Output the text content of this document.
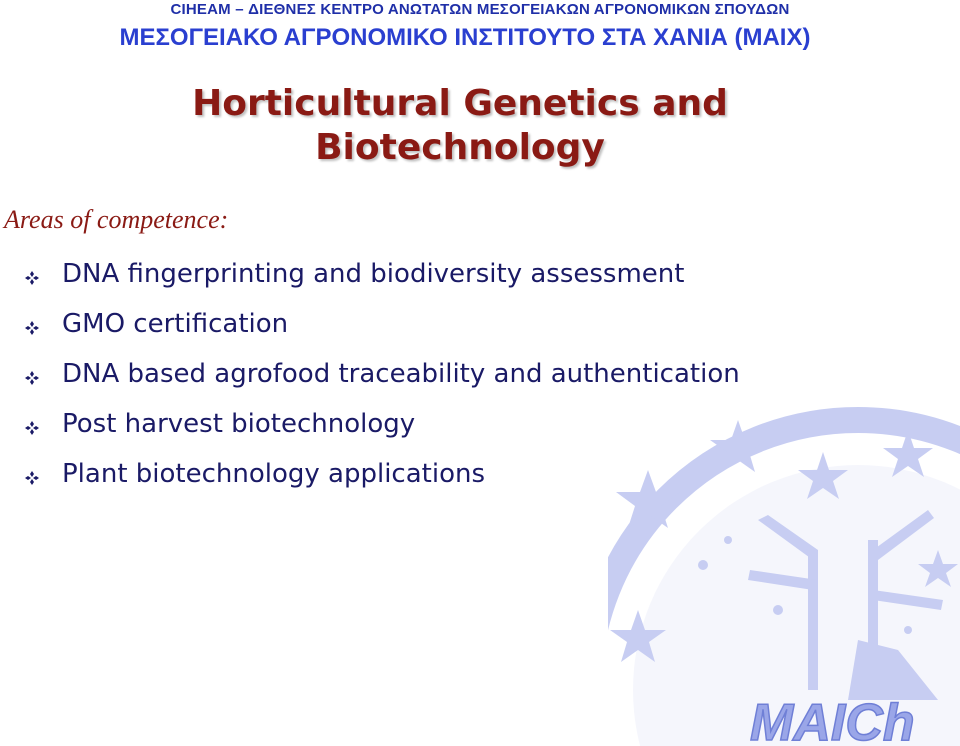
CIHEAM – ΔΙΕΘΝΕΣ ΚΕΝΤΡΟ ΑΝΩΤΑΤΩΝ ΜΕΣΟΓΕΙΑΚΩΝ ΑΓΡΟΝΟΜΙΚΩΝ ΣΠΟΥΔΩΝ
ΜΕΣΟΓΕΙΑΚΟ ΑΓΡΟΝΟΜΙΚΟ ΙΝΣΤΙΤΟΥΤΟ ΣΤΑ ΧΑΝΙΑ (ΜΑΙΧ)
Horticultural Genetics and
Biotechnology
Areas of competence:
DNA fingerprinting and biodiversity assessment
GMO certification
DNA based agrofood traceability and authentication
Post harvest biotechnology
Plant biotechnology applications
MAICh
